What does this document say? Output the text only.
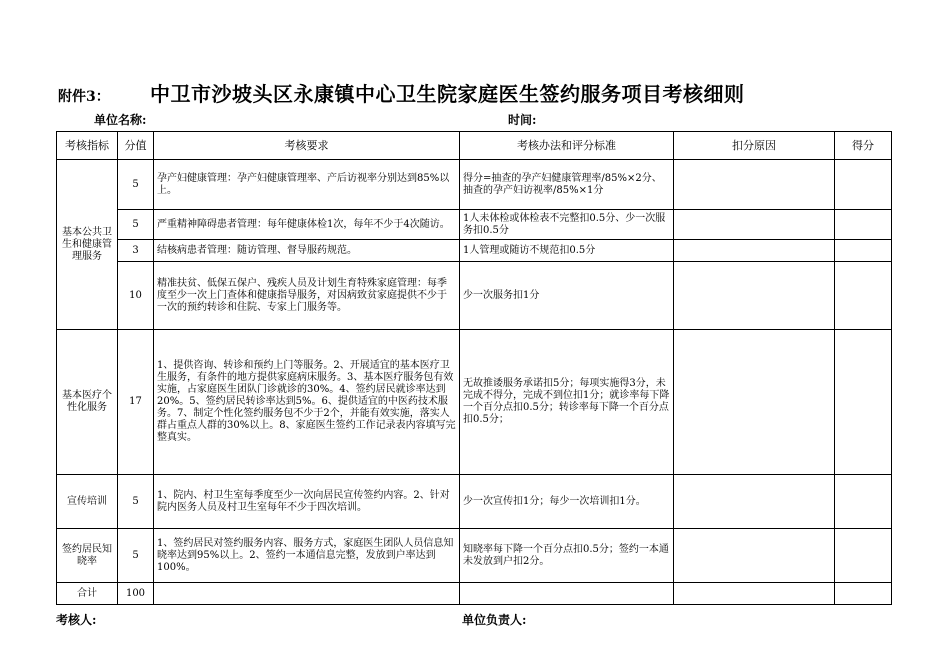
附件3： 中卫市沙坡头区永康镇中心卫生院家庭医生签约服务项目考核细则
单位名称:	时间:
考核指标	分值	考核要求	考核办法和评分标准	扣分原因	得分
基本公共卫生和健康管理服务	5	孕产妇健康管理：孕产妇健康管理率、产后访视率分别达到85%以上。	得分=抽查的孕产妇健康管理率/85%×2分、抽查的孕产妇访视率/85%×1分		
	5	严重精神障碍患者管理：每年健康体检1次，每年不少于4次随访。	1人未体检或体检表不完整扣0.5分、少一次服务扣0.5分		
	3	结核病患者管理：随访管理、督导服药规范。	1人管理或随访不规范扣0.5分		
	10	精准扶贫、低保五保户、残疾人员及计划生育特殊家庭管理：每季度至少一次上门查体和健康指导服务，对因病致贫家庭提供不少于一次的预约转诊和住院、专家上门服务等。	少一次服务扣1分		
基本医疗个性化服务	17	1、提供咨询、转诊和预约上门等服务。2、开展适宜的基本医疗卫生服务，有条件的地方提供家庭病床服务。3、基本医疗服务包有效实施，占家庭医生团队门诊就诊的30%。4、签约居民就诊率达到20%。5、签约居民转诊率达到5%。6、提供适宜的中医药技术服务。7、制定个性化签约服务包不少于2个，并能有效实施，落实人群占重点人群的30%以上。8、家庭医生签约工作记录表内容填写完整真实。	无故推诿服务承诺扣5分；每项实施得3分，未完成不得分，完成不到位扣1分；就诊率每下降一个百分点扣0.5分；转诊率每下降一个百分点扣0.5分；		
宣传培训	5	1、院内、村卫生室每季度至少一次向居民宣传签约内容。2、针对院内医务人员及村卫生室每年不少于四次培训。	少一次宣传扣1分；每少一次培训扣1分。		
签约居民知晓率	5	1、签约居民对签约服务内容、服务方式，家庭医生团队人员信息知晓率达到95%以上。2、签约一本通信息完整，发放到户率达到100%。	知晓率每下降一个百分点扣0.5分；签约一本通未发放到户扣2分。		
合计	100				
考核人:	单位负责人:
